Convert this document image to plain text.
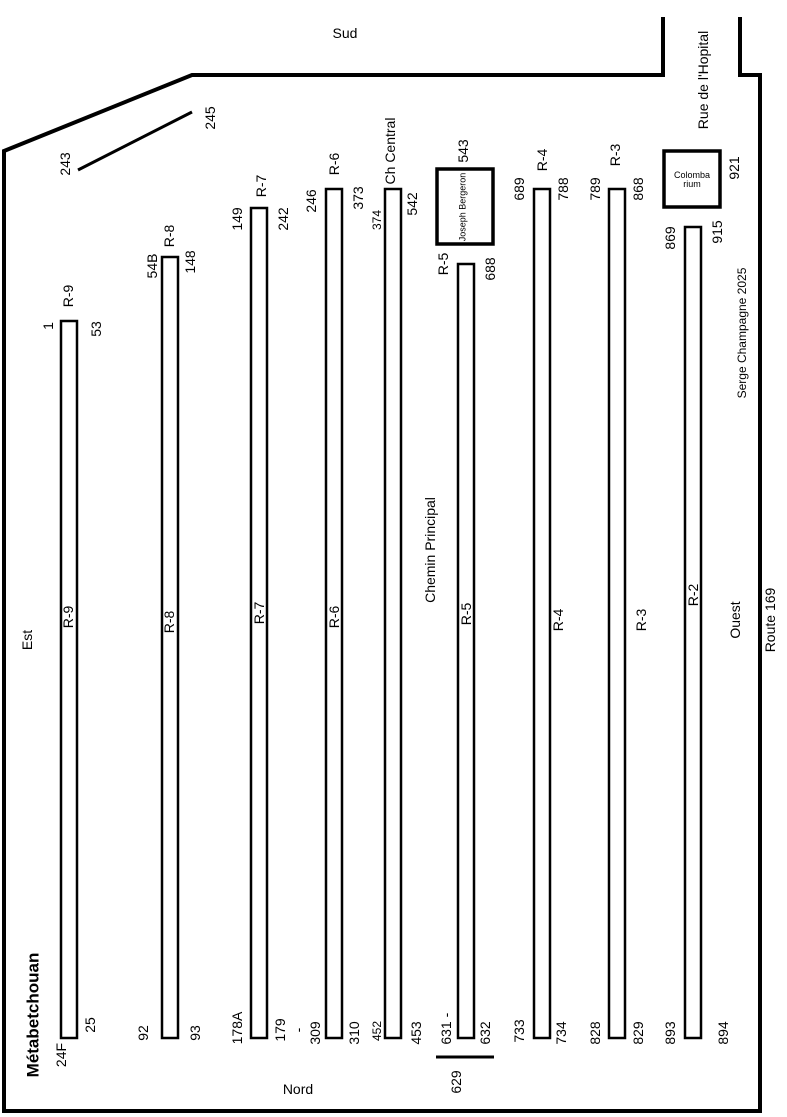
Métabetchouan
Sud
Nord
Est
Ouest
Chemin Principal
Route 169
Rue de l'Hopital
Serge Champagne 2025
Joseph Bergeron	Colomba
rium
243
245
629
921
-
-
R-9
R-9
1 53
24F
25
R-8
R-8
54B 148
92	93
R-7
R-7
149 242
178A 179
R-6
R-6
246 373
309 310
Ch Central
374
542
452 453
R-5
R-5
543
688
631 632
R-4
R-4
689 788
733 734
R-3
R-3
789 868
828 829
R-2
869 915
893	894
